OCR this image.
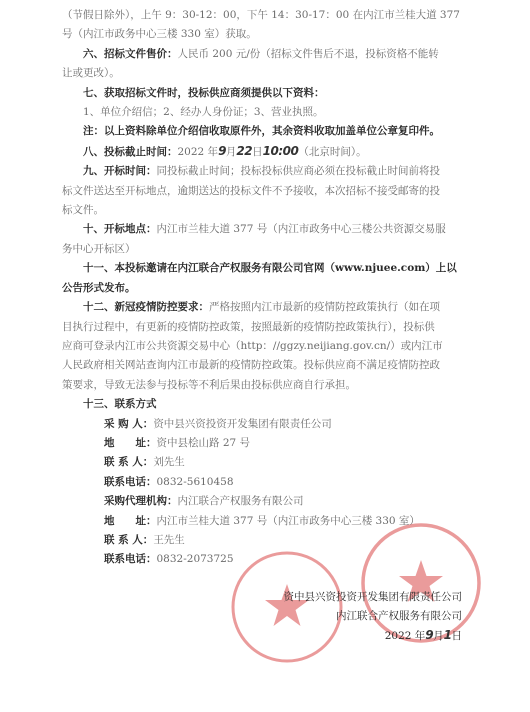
（节假日除外），上午 9：30-12：00，下午 14：30-17：00 在内江市兰桂大道 377

号（内江市政务中心三楼 330 室）获取。

六、招标文件售价：人民币 200 元/份（招标文件售后不退，投标资格不能转

让或更改）。

七、获取招标文件时，投标供应商须提供以下资料：

1、单位介绍信；2、经办人身份证；3、营业执照。

注：以上资料除单位介绍信收取原件外，其余资料收取加盖单位公章复印件。

八、投标截止时间：2022 年9月22日10:00（北京时间）。

九、开标时间：同投标截止时间；投标投标供应商必须在投标截止时间前将投

标文件送达至开标地点，逾期送达的投标文件不予接收，本次招标不接受邮寄的投

标文件。

十、开标地点：内江市兰桂大道 377 号（内江市政务中心三楼公共资源交易服

务中心开标区）

十一、本投标邀请在内江联合产权服务有限公司官网（www.njuee.com）上以

公告形式发布。

十二、新冠疫情防控要求：严格按照内江市最新的疫情防控政策执行（如在项

目执行过程中，有更新的疫情防控政策，按照最新的疫情防控政策执行），投标供

应商可登录内江市公共资源交易中心（http：//ggzy.neijiang.gov.cn/）或内江市

人民政府相关网站查询内江市最新的疫情防控政策。投标供应商不满足疫情防控政

策要求，导致无法参与投标等不利后果由投标供应商自行承担。

十三、联系方式

采 购 人：资中县兴资投资开发集团有限责任公司

地　　址：资中县桧山路 27 号

联 系 人：刘先生

联系电话：0832-5610458

采购代理机构：内江联合产权服务有限公司

地　　址：内江市兰桂大道 377 号（内江市政务中心三楼 330 室）

联 系 人：王先生

联系电话：0832-2073725

资中县兴资投资开发集团有限责任公司
内江联合产权服务有限公司
2022 年9月1日
